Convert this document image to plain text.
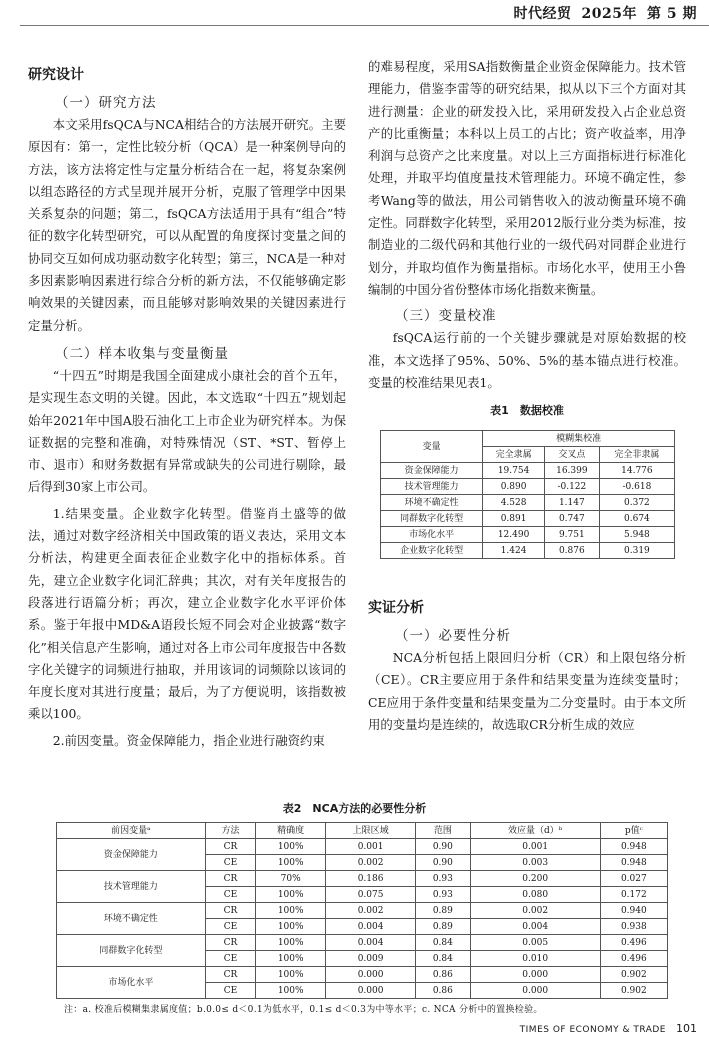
时代经贸 2025年 第 5 期
研究设计
（一）研究方法
本文采用fsQCA与NCA相结合的方法展开研究。主要原因有：第一，定性比较分析（QCA）是一种案例导向的方法，该方法将定性与定量分析结合在一起，将复杂案例以组态路径的方式呈现并展开分析，克服了管理学中因果关系复杂的问题；第二，fsQCA方法适用于具有“组合”特征的数字化转型研究，可以从配置的角度探讨变量之间的协同交互如何成功驱动数字化转型；第三，NCA是一种对多因素影响因素进行综合分析的新方法，不仅能够确定影响效果的关键因素，而且能够对影响效果的关键因素进行定量分析。
（二）样本收集与变量衡量
“十四五”时期是我国全面建成小康社会的首个五年，是实现生态文明的关键。因此，本文选取“十四五”规划起始年2021年中国A股石油化工上市企业为研究样本。为保证数据的完整和准确，对特殊情况（ST、*ST、暂停上市、退市）和财务数据有异常或缺失的公司进行剔除，最后得到30家上市公司。
1.结果变量。企业数字化转型。借鉴肖土盛等的做法，通过对数字经济相关中国政策的语义表达，采用文本分析法，构建更全面表征企业数字化中的指标体系。首先，建立企业数字化词汇辞典；其次，对有关年度报告的段落进行语篇分析；再次，建立企业数字化水平评价体系。鉴于年报中MD&A语段长短不同会对企业披露“数字化”相关信息产生影响，通过对各上市公司年度报告中各数字化关键字的词频进行抽取，并用该词的词频除以该词的年度长度对其进行度量；最后，为了方便说明，该指数被乘以100。
2.前因变量。资金保障能力，指企业进行融资约束
的难易程度，采用SA指数衡量企业资金保障能力。技术管理能力，借鉴李雷等的研究结果，拟从以下三个方面对其进行测量：企业的研发投入比，采用研发投入占企业总资产的比重衡量；本科以上员工的占比；资产收益率，用净利润与总资产之比来度量。对以上三方面指标进行标准化处理，并取平均值度量技术管理能力。环境不确定性，参考Wang等的做法，用公司销售收入的波动衡量环境不确定性。同群数字化转型，采用2012版行业分类为标准，按制造业的二级代码和其他行业的一级代码对同群企业进行划分，并取均值作为衡量指标。市场化水平，使用王小鲁编制的中国分省份整体市场化指数来衡量。
（三）变量校准
fsQCA运行前的一个关键步骤就是对原始数据的校准，本文选择了95%、50%、5%的基本锚点进行校准。变量的校准结果见表1。
表1　数据校准
变量	模糊集校准		
	完全隶属	交叉点	完全非隶属
资金保障能力	19.754	16.399	14.776
技术管理能力	0.890	-0.122	-0.618
环境不确定性	4.528	1.147	0.372
同群数字化转型	0.891	0.747	0.674
市场化水平	12.490	9.751	5.948
企业数字化转型	1.424	0.876	0.319
实证分析
（一）必要性分析
NCA分析包括上限回归分析（CR）和上限包络分析（CE）。CR主要应用于条件和结果变量为连续变量时；CE应用于条件变量和结果变量为二分变量时。由于本文所用的变量均是连续的，故选取CR分析生成的效应
表2　NCA方法的必要性分析
前因变量ᵃ	方法	精确度	上限区域	范围	效应量（d）ᵇ	p值ᶜ
资金保障能力	CR	100%	0.001	0.90	0.001	0.948
	CE	100%	0.002	0.90	0.003	0.948
技术管理能力	CR	70%	0.186	0.93	0.200	0.027
	CE	100%	0.075	0.93	0.080	0.172
环境不确定性	CR	100%	0.002	0.89	0.002	0.940
	CE	100%	0.004	0.89	0.004	0.938
同群数字化转型	CR	100%	0.004	0.84	0.005	0.496
	CE	100%	0.009	0.84	0.010	0.496
市场化水平	CR	100%	0.000	0.86	0.000	0.902
	CE	100%	0.000	0.86	0.000	0.902
注：a. 校准后模糊集隶属度值；b.0.0≤ d＜0.1为低水平，0.1≤ d＜0.3为中等水平；c. NCA 分析中的置换检验。
TIMES OF ECONOMY & TRADE 101
